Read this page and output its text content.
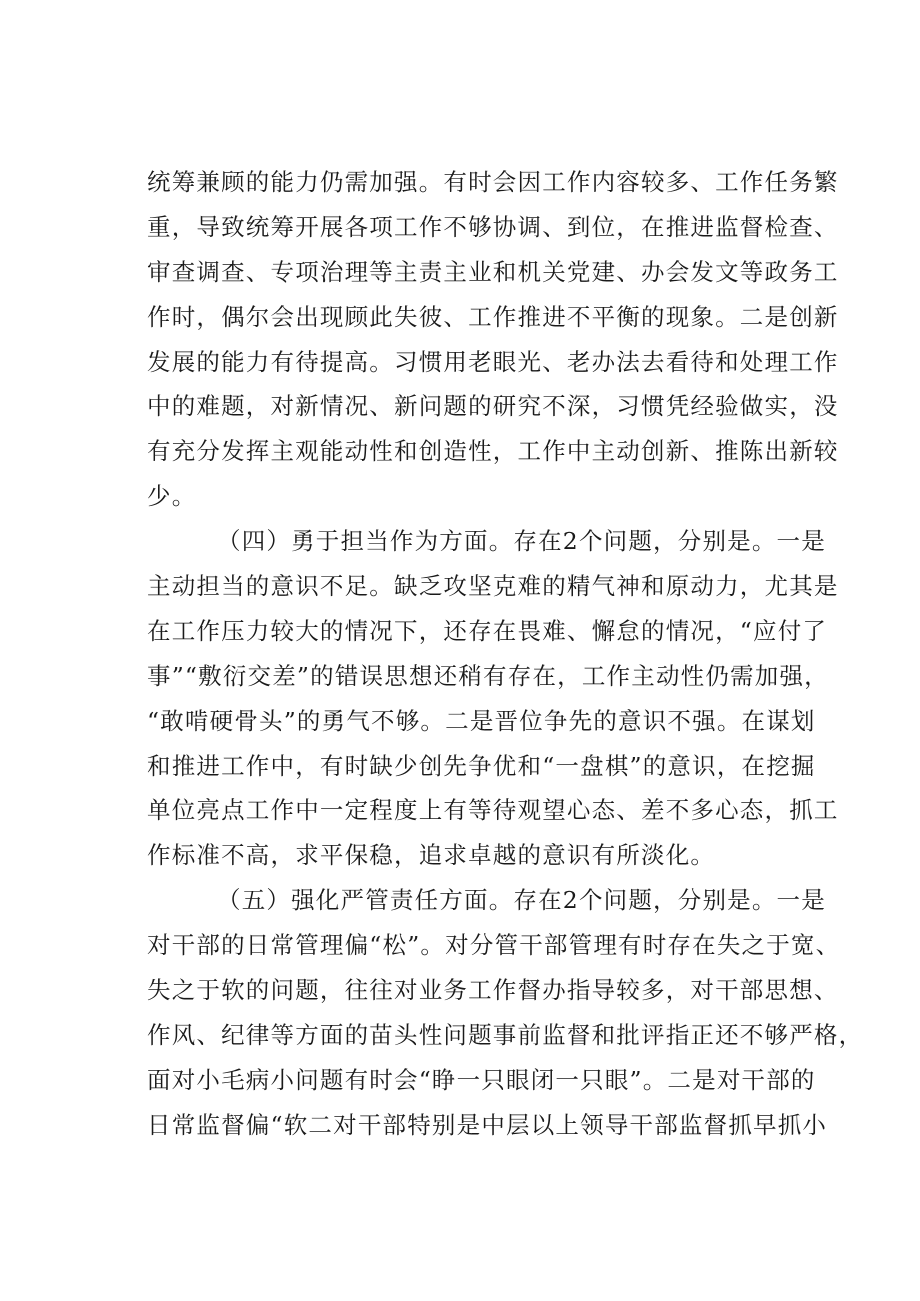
统筹兼顾的能力仍需加强。有时会因工作内容较多、工作任务繁
重，导致统筹开展各项工作不够协调、到位，在推进监督检查、
审查调查、专项治理等主责主业和机关党建、办会发文等政务工
作时，偶尔会出现顾此失彼、工作推进不平衡的现象。二是创新
发展的能力有待提高。习惯用老眼光、老办法去看待和处理工作
中的难题，对新情况、新问题的研究不深，习惯凭经验做实，没
有充分发挥主观能动性和创造性，工作中主动创新、推陈出新较
少。
（四）勇于担当作为方面。存在2个问题，分别是。一是
主动担当的意识不足。缺乏攻坚克难的精气神和原动力，尤其是
在工作压力较大的情况下，还存在畏难、懈怠的情况，“应付了
事”“敷衍交差”的错误思想还稍有存在，工作主动性仍需加强，
“敢啃硬骨头”的勇气不够。二是晋位争先的意识不强。在谋划
和推进工作中，有时缺少创先争优和“一盘棋”的意识，在挖掘
单位亮点工作中一定程度上有等待观望心态、差不多心态，抓工
作标准不高，求平保稳，追求卓越的意识有所淡化。
（五）强化严管责任方面。存在2个问题，分别是。一是
对干部的日常管理偏“松”。对分管干部管理有时存在失之于宽、
失之于软的问题，往往对业务工作督办指导较多，对干部思想、
作风、纪律等方面的苗头性问题事前监督和批评指正还不够严格，
面对小毛病小问题有时会“睁一只眼闭一只眼”。二是对干部的
日常监督偏“软二对干部特别是中层以上领导干部监督抓早抓小
